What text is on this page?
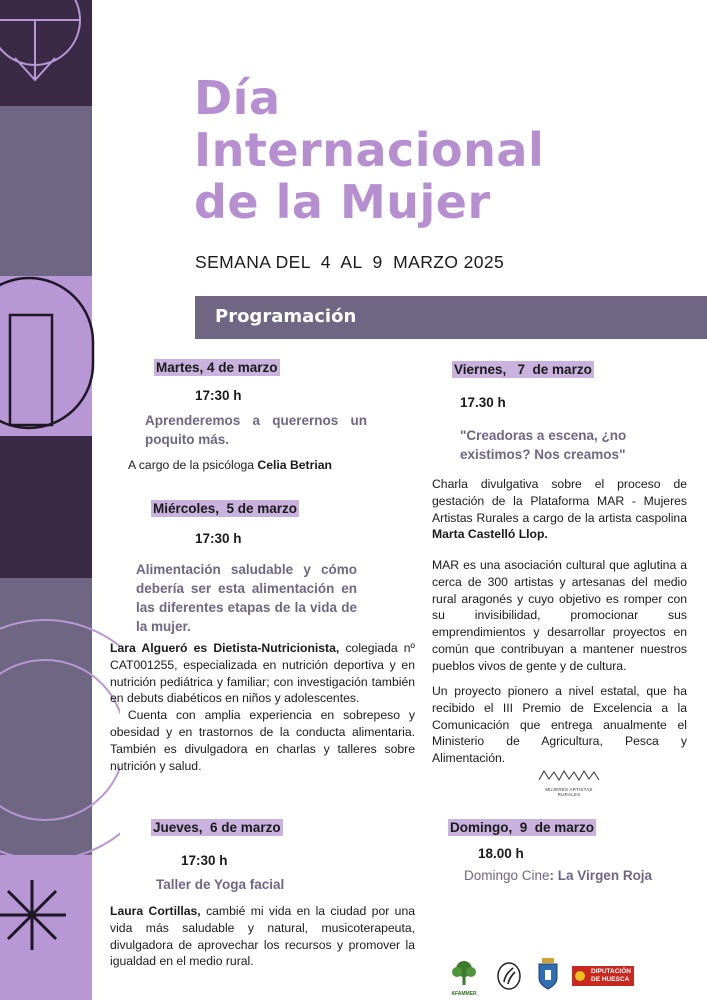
Día
Internacional
de la Mujer
SEMANA DEL  4  AL  9  MARZO 2025
Programación
Martes, 4 de marzo
17:30 h
Aprenderemos a querernos un poquito más.
A cargo de la psicóloga Celia Betrian
Miércoles,  5 de marzo
17:30 h
Alimentación saludable y cómo debería ser esta alimentación en las diferentes etapas de la vida de la mujer.
Lara Algueró es Dietista-Nutricionista, colegiada nº CAT001255, especializada en nutrición deportiva y en nutrición pediátrica y familiar; con investigación también en debuts diabéticos en niños y adolescentes.
Cuenta con amplia experiencia en sobrepeso y obesidad y en trastornos de la conducta alimentaria. También es divulgadora en charlas y talleres sobre nutrición y salud.
Jueves,  6 de marzo
17:30 h
Taller de Yoga facial
Laura Cortillas, cambié mi vida en la ciudad por una vida más saludable y natural, musicoterapeuta, divulgadora de aprovechar los recursos y promover la igualdad en el medio rural.
Viernes,   7  de marzo
17.30 h
"Creadoras a escena, ¿no existimos? Nos creamos"
Charla divulgativa sobre el proceso de gestación de la Plataforma MAR - Mujeres Artistas Rurales a cargo de la artista caspolina Marta Castelló Llop.
MAR es una asociación cultural que aglutina a cerca de 300 artistas y artesanas del medio rural aragonés y cuyo objetivo es romper con su invisibilidad, promocionar sus emprendimientos y desarrollar proyectos en común que contribuyan a mantener nuestros pueblos vivos de gente y de cultura.
Un proyecto pionero a nivel estatal, que ha recibido el III Premio de Excelencia a la Comunicación que entrega anualmente el Ministerio de Agricultura, Pesca y Alimentación.
MUJERES ARTISTAS RURALES
Domingo,  9  de marzo
18.00 h
Domingo Cine: La Virgen Roja
AFAMMER
DIPUTACIÓN
DE HUESCA
